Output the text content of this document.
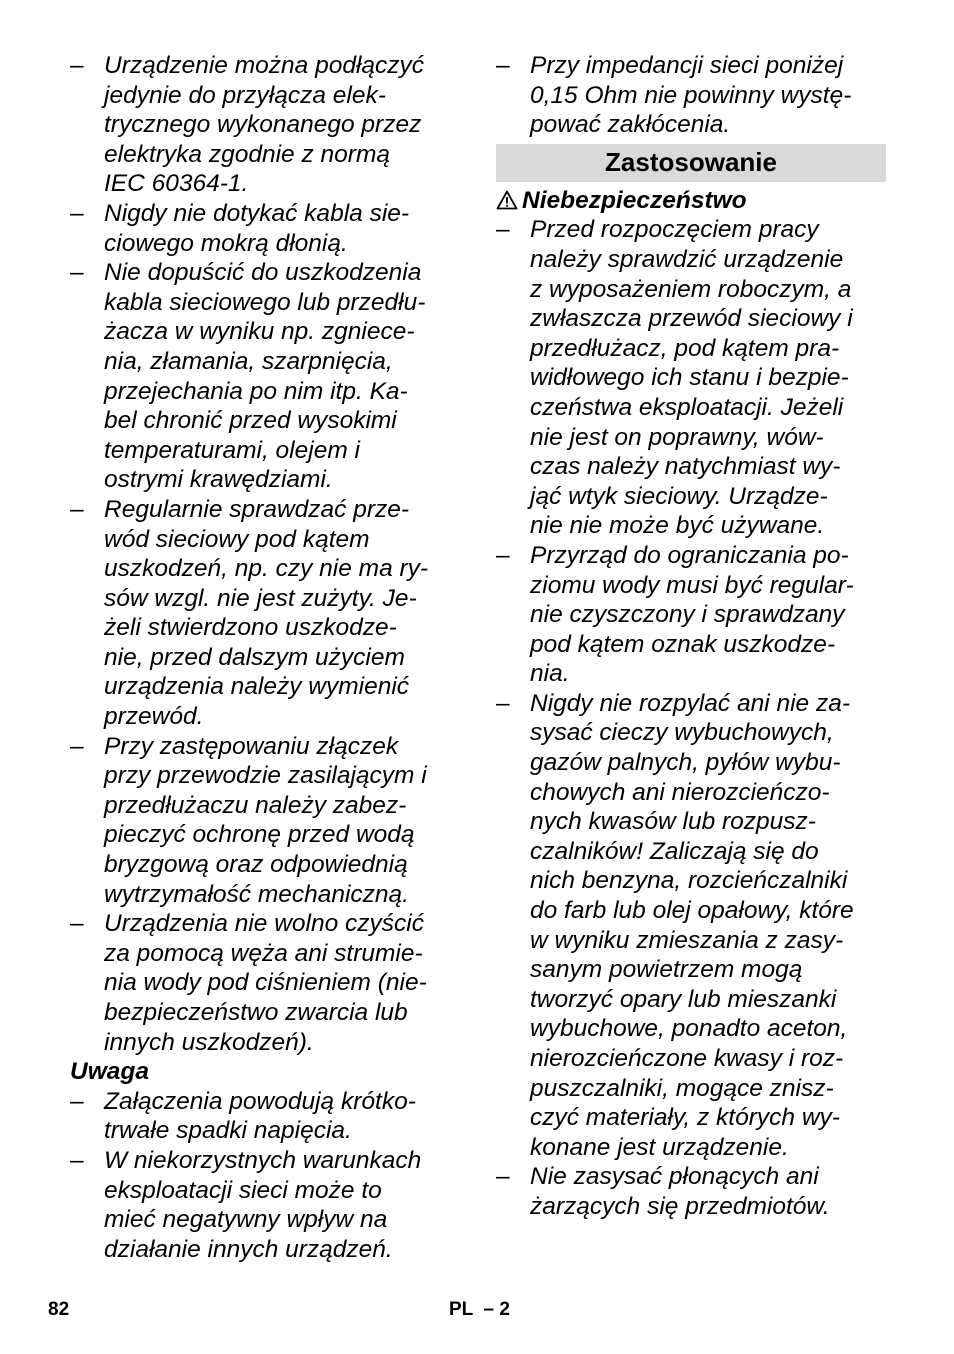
– Urządzenie można podłączyć
jedynie do przyłącza elek-
trycznego wykonanego przez
elektryka zgodnie z normą
IEC 60364-1.
– Nigdy nie dotykać kabla sie-
ciowego mokrą dłonią.
– Nie dopuścić do uszkodzenia
kabla sieciowego lub przedłu-
żacza w wyniku np. zgniece-
nia, złamania, szarpnięcia,
przejechania po nim itp. Ka-
bel chronić przed wysokimi
temperaturami, olejem i
ostrymi krawędziami.
– Regularnie sprawdzać prze-
wód sieciowy pod kątem
uszkodzeń, np. czy nie ma ry-
sów wzgl. nie jest zużyty. Je-
żeli stwierdzono uszkodze-
nie, przed dalszym użyciem
urządzenia należy wymienić
przewód.
– Przy zastępowaniu złączek
przy przewodzie zasilającym i
przedłużaczu należy zabez-
pieczyć ochronę przed wodą
bryzgową oraz odpowiednią
wytrzymałość mechaniczną.
– Urządzenia nie wolno czyścić
za pomocą węża ani strumie-
nia wody pod ciśnieniem (nie-
bezpieczeństwo zwarcia lub
innych uszkodzeń).
Uwaga
– Załączenia powodują krótko-
trwałe spadki napięcia.
– W niekorzystnych warunkach
eksploatacji sieci może to
mieć negatywny wpływ na
działanie innych urządzeń.
– Przy impedancji sieci poniżej
0,15 Ohm nie powinny wystę-
pować zakłócenia.
Zastosowanie
Niebezpieczeństwo
– Przed rozpoczęciem pracy
należy sprawdzić urządzenie
z wyposażeniem roboczym, a
zwłaszcza przewód sieciowy i
przedłużacz, pod kątem pra-
widłowego ich stanu i bezpie-
czeństwa eksploatacji. Jeżeli
nie jest on poprawny, wów-
czas należy natychmiast wy-
jąć wtyk sieciowy. Urządze-
nie nie może być używane.
– Przyrząd do ograniczania po-
ziomu wody musi być regular-
nie czyszczony i sprawdzany
pod kątem oznak uszkodze-
nia.
– Nigdy nie rozpylać ani nie za-
sysać cieczy wybuchowych,
gazów palnych, pyłów wybu-
chowych ani nierozcieńczo-
nych kwasów lub rozpusz-
czalników! Zaliczają się do
nich benzyna, rozcieńczalniki
do farb lub olej opałowy, które
w wyniku zmieszania z zasy-
sanym powietrzem mogą
tworzyć opary lub mieszanki
wybuchowe, ponadto aceton,
nierozcieńczone kwasy i roz-
puszczalniki, mogące znisz-
czyć materiały, z których wy-
konane jest urządzenie.
– Nie zasysać płonących ani
żarzących się przedmiotów.
82	PL  – 2
